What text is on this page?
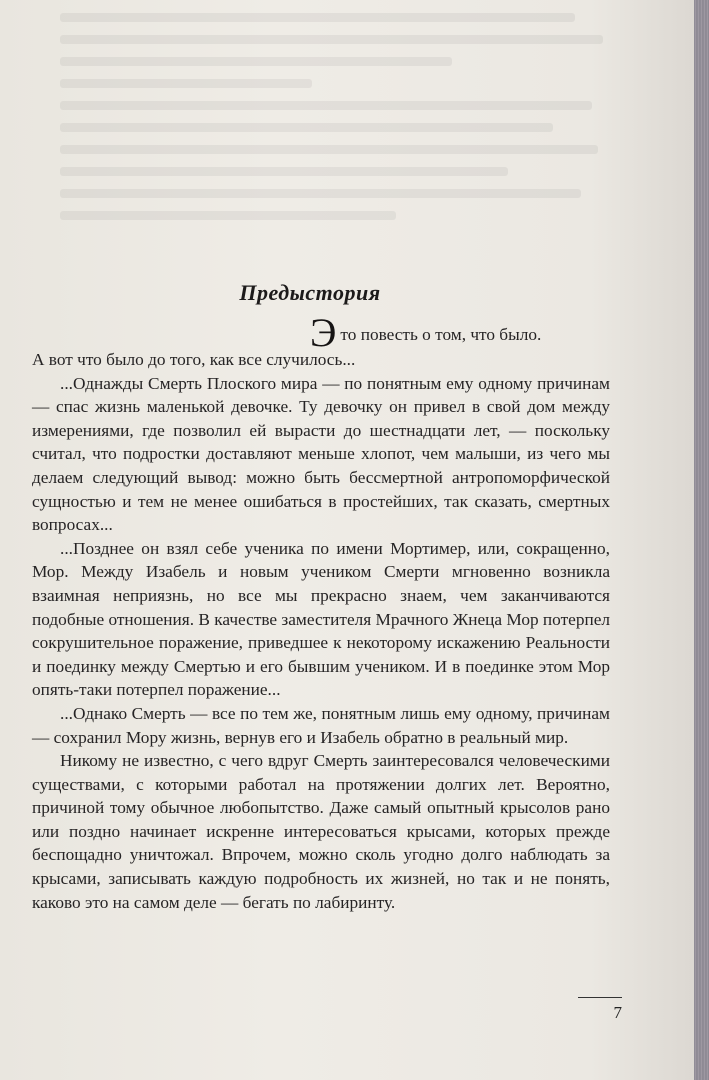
Предыстория

Это повесть о том, что было.

А вот что было до того, как все случилось...

...Однажды Смерть Плоского мира — по понятным ему одному причинам — спас жизнь маленькой девочке. Ту девочку он привел в свой дом между измерениями, где позволил ей вырасти до шестнадцати лет, — поскольку считал, что подростки доставляют меньше хлопот, чем малыши, из чего мы делаем следующий вывод: можно быть бессмертной антропоморфической сущностью и тем не менее ошибаться в простейших, так сказать, смертных вопросах...

...Позднее он взял себе ученика по имени Мортимер, или, сокращенно, Мор. Между Изабель и новым учеником Смерти мгновенно возникла взаимная неприязнь, но все мы прекрасно знаем, чем заканчиваются подобные отношения. В качестве заместителя Мрачного Жнеца Мор потерпел сокрушительное поражение, приведшее к некоторому искажению Реальности и поединку между Смертью и его бывшим учеником. И в поединке этом Мор опять-таки потерпел поражение...

...Однако Смерть — все по тем же, понятным лишь ему одному, причинам — сохранил Мору жизнь, вернув его и Изабель обратно в реальный мир.

Никому не известно, с чего вдруг Смерть заинтересовался человеческими существами, с которыми работал на протяжении долгих лет. Вероятно, причиной тому обычное любопытство. Даже самый опытный крысолов рано или поздно начинает искренне интересоваться крысами, которых прежде беспощадно уничтожал. Впрочем, можно сколь угодно долго наблюдать за крысами, записывать каждую подробность их жизней, но так и не понять, каково это на самом деле — бегать по лабиринту.

7
